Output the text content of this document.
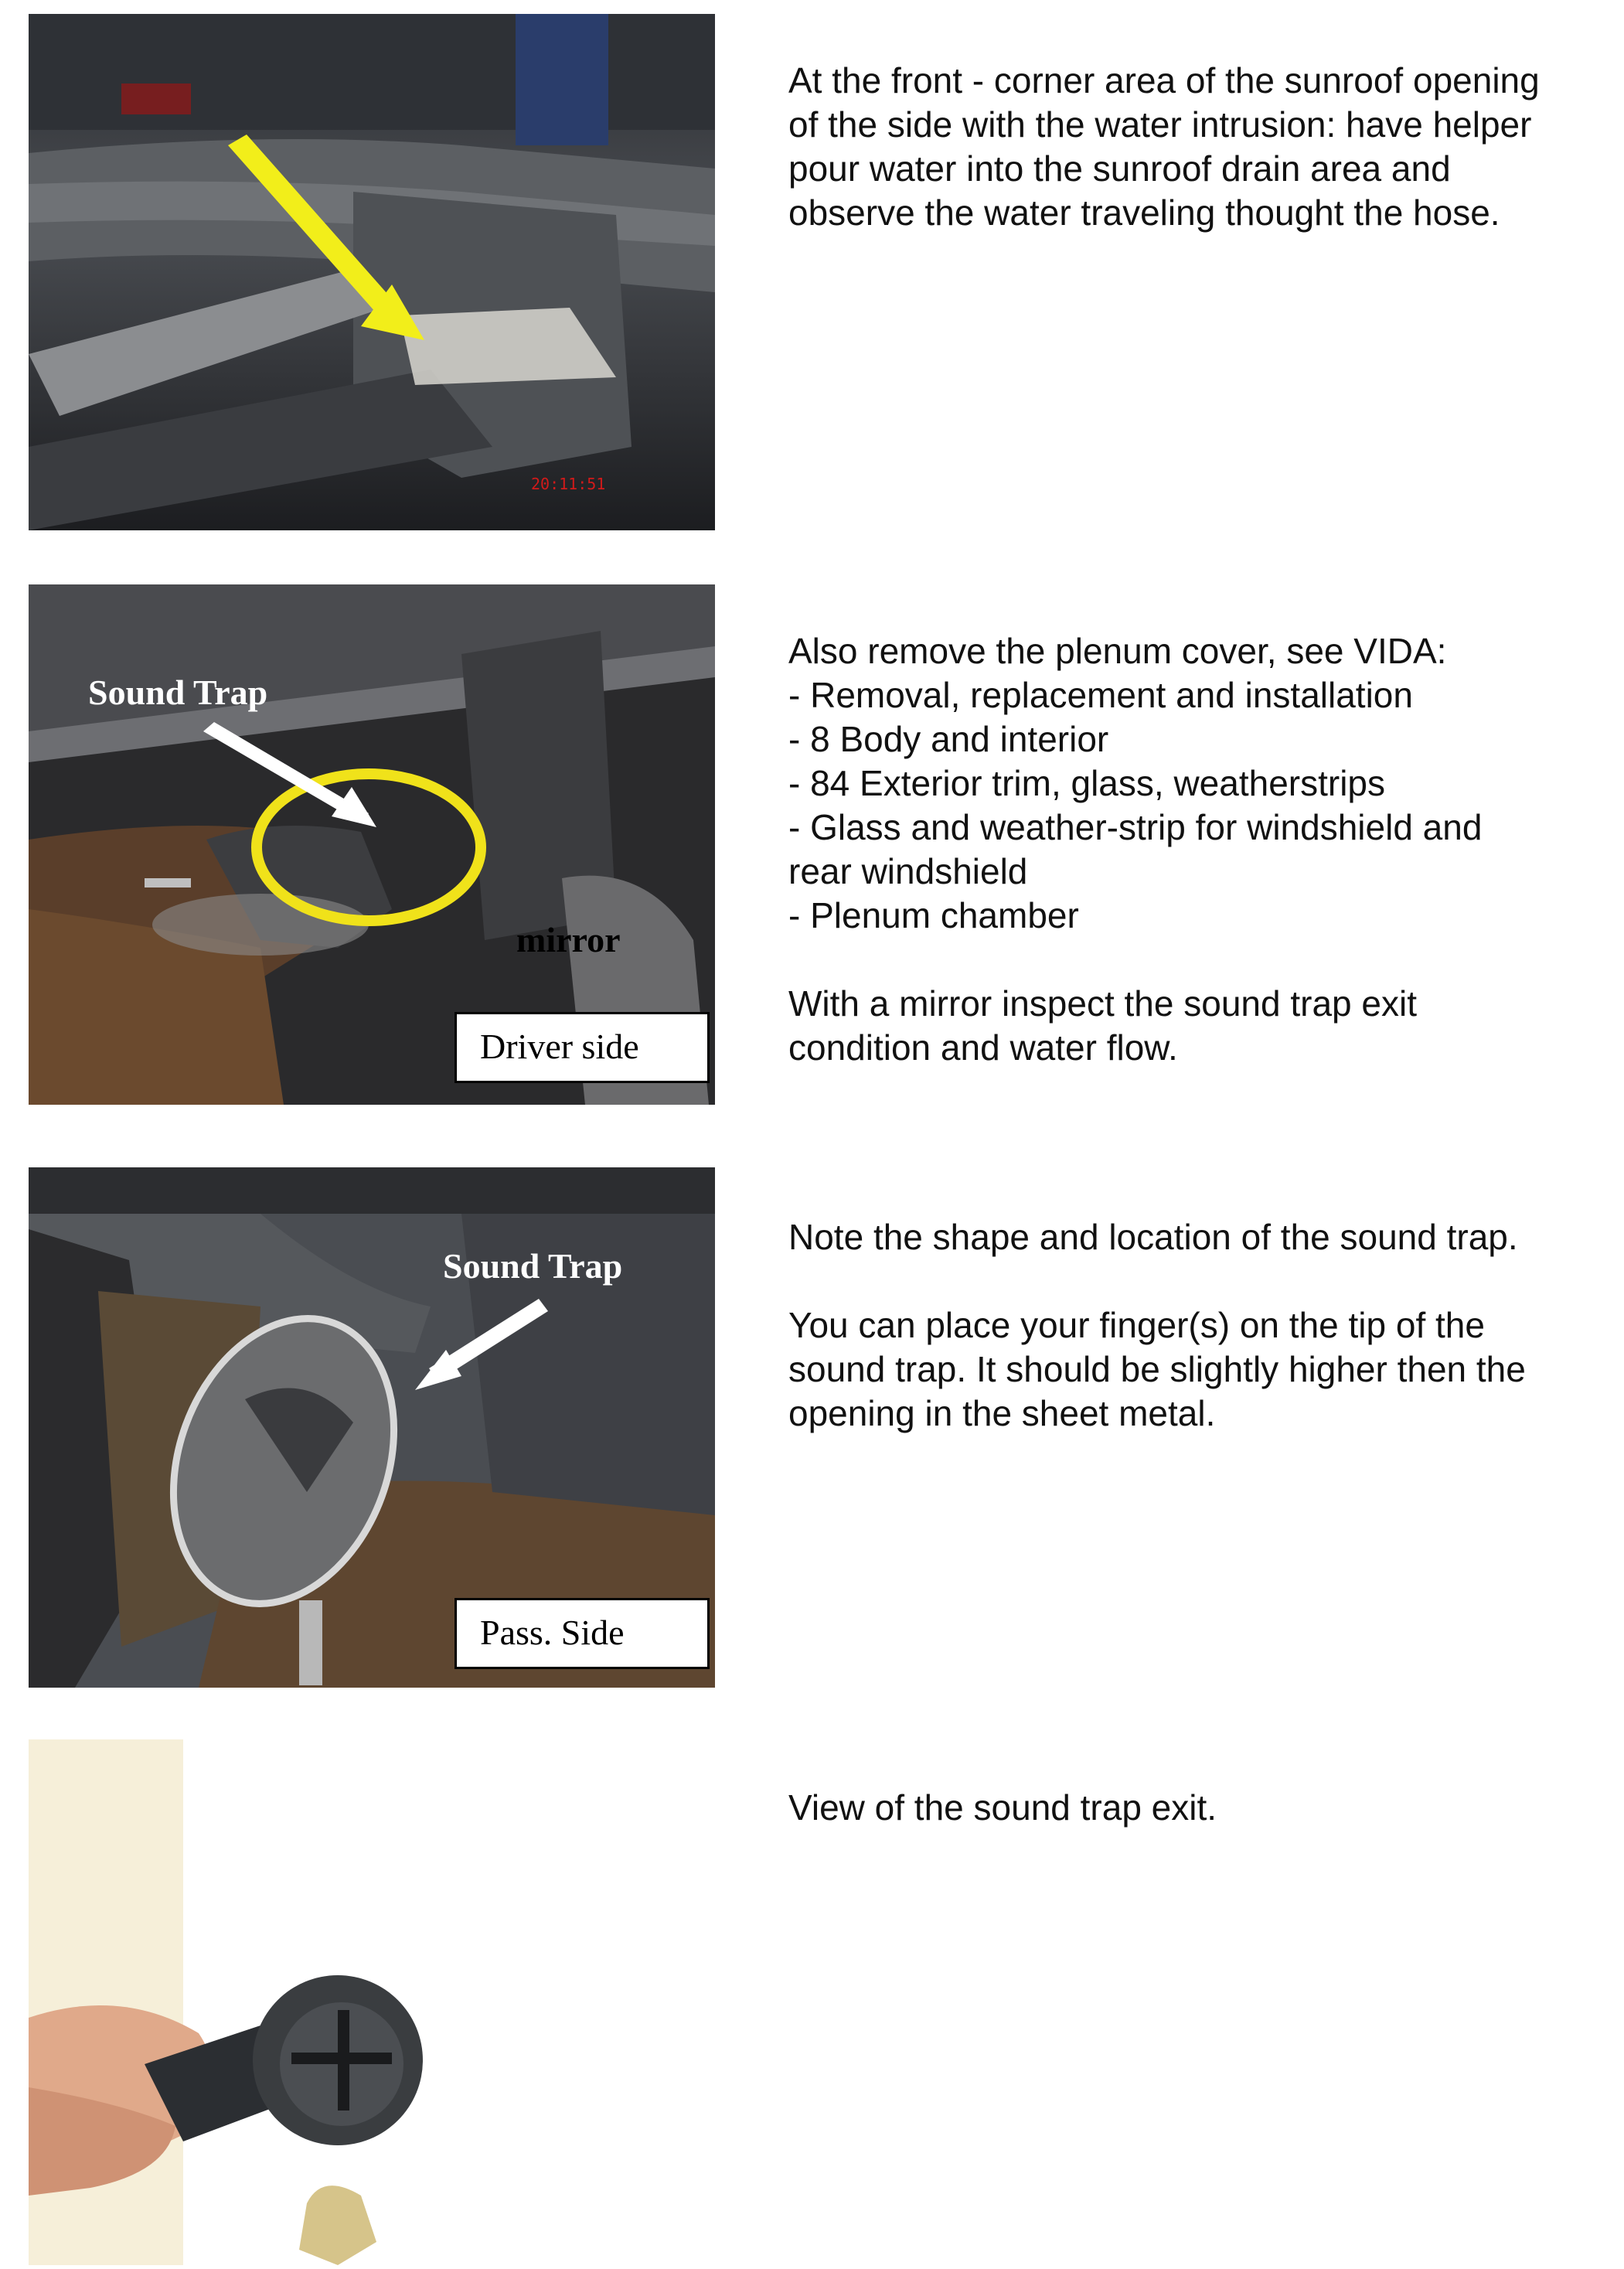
20:11:51

At the front - corner area of the sunroof opening

of the side with the water intrusion: have helper

pour water into the sunroof drain area and

observe the water traveling thought the hose.

Sound Trap
mirror
Driver side

Also remove the plenum cover, see VIDA:

- Removal, replacement and installation

- 8 Body and interior

- 84 Exterior trim, glass, weatherstrips

- Glass and weather-strip for windshield and

rear windshield

- Plenum chamber

With a mirror inspect the sound trap exit

condition and water flow.

Sound Trap
Pass. Side

Note the shape and location of the sound trap.

You can place your finger(s) on the tip of the

sound trap. It should be slightly higher then the

opening in the sheet metal.

View of the sound trap exit.
